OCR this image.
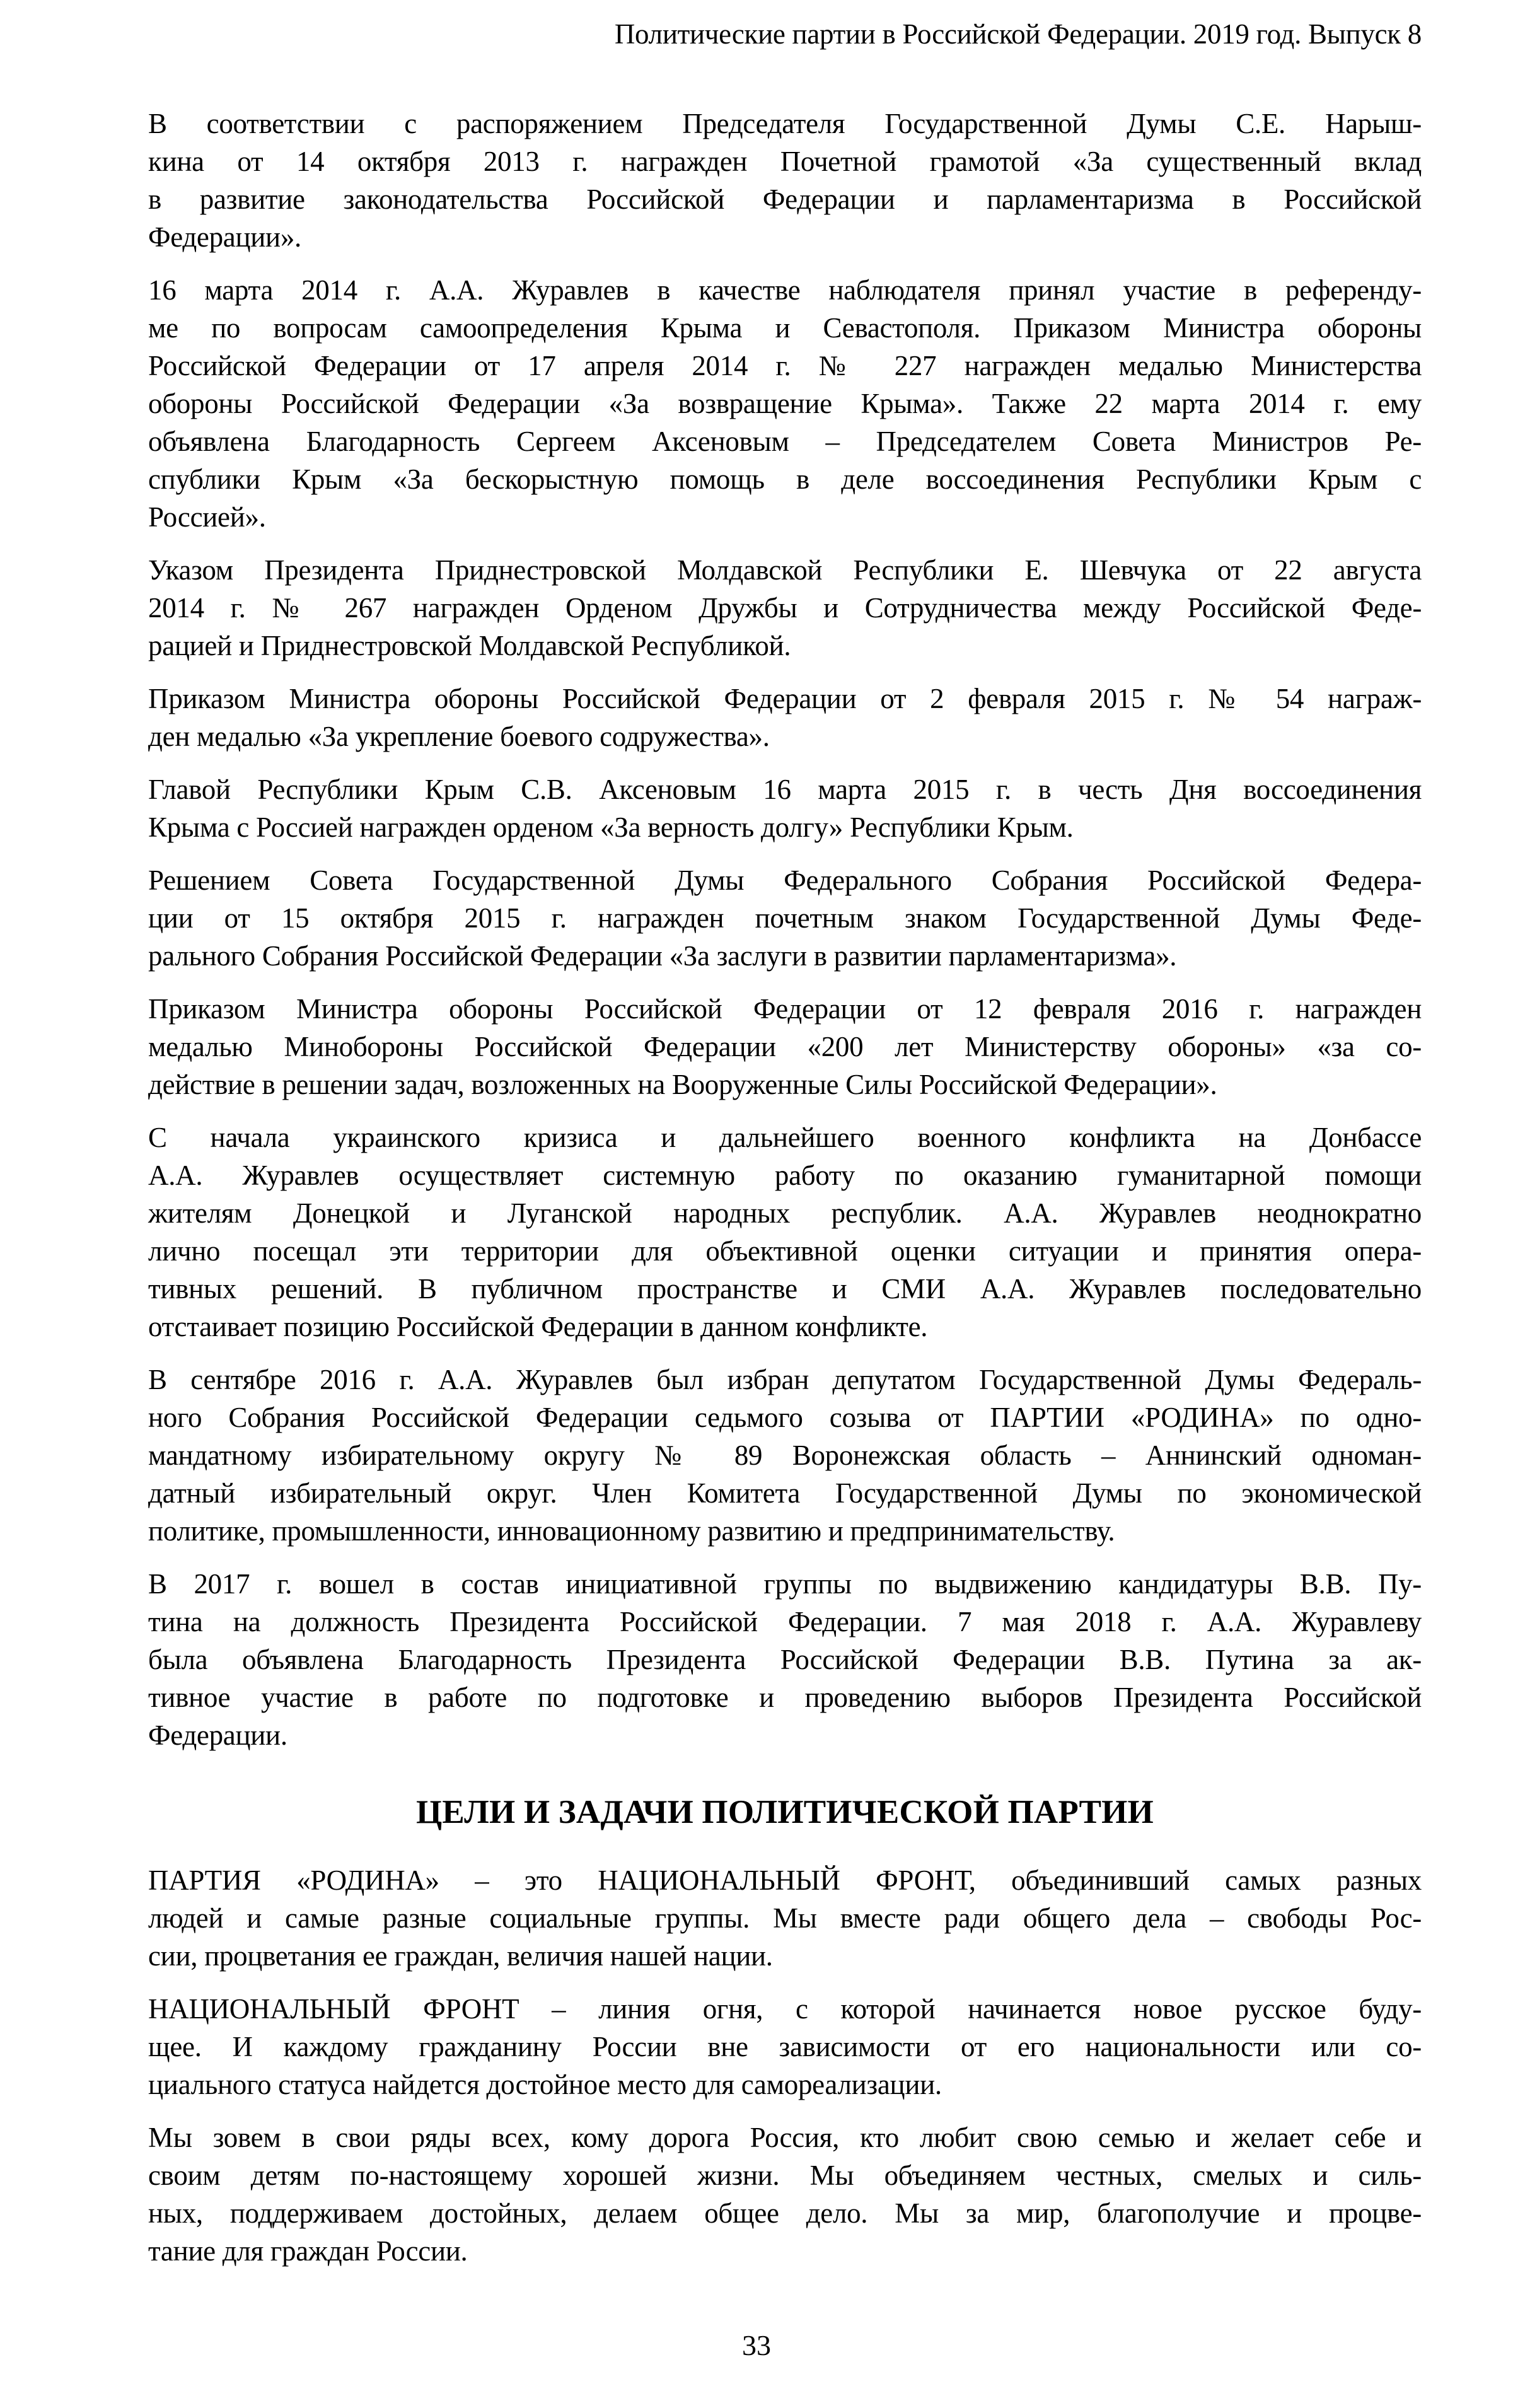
Политические партии в Российской Федерации. 2019 год. Выпуск 8
В соответствии с распоряжением Председателя Государственной Думы С.Е. Нарыш-
кина от 14 октября 2013 г. награжден Почетной грамотой «За существенный вклад
в развитие законодательства Российской Федерации и парламентаризма в Российской
Федерации».
16 марта 2014 г. А.А. Журавлев в качестве наблюдателя принял участие в референду-
ме по вопросам самоопределения Крыма и Севастополя. Приказом Министра обороны
Российской Федерации от 17 апреля 2014 г. № 227 награжден медалью Министерства
обороны Российской Федерации «За возвращение Крыма». Также 22 марта 2014 г. ему
объявлена Благодарность Сергеем Аксеновым – Председателем Совета Министров Ре-
спублики Крым «За бескорыстную помощь в деле воссоединения Республики Крым с
Россией».
Указом Президента Приднестровской Молдавской Республики Е. Шевчука от 22 августа
2014 г. № 267 награжден Орденом Дружбы и Сотрудничества между Российской Феде-
рацией и Приднестровской Молдавской Республикой.
Приказом Министра обороны Российской Федерации от 2 февраля 2015 г. № 54 награж-
ден медалью «За укрепление боевого содружества».
Главой Республики Крым С.В. Аксеновым 16 марта 2015 г. в честь Дня воссоединения
Крыма с Россией награжден орденом «За верность долгу» Республики Крым.
Решением Совета Государственной Думы Федерального Собрания Российской Федера-
ции от 15 октября 2015 г. награжден почетным знаком Государственной Думы Феде-
рального Собрания Российской Федерации «За заслуги в развитии парламентаризма».
Приказом Министра обороны Российской Федерации от 12 февраля 2016 г. награжден
медалью Минобороны Российской Федерации «200 лет Министерству обороны» «за со-
действие в решении задач, возложенных на Вооруженные Силы Российской Федерации».
С начала украинского кризиса и дальнейшего военного конфликта на Донбассе
А.А. Журавлев осуществляет системную работу по оказанию гуманитарной помощи
жителям Донецкой и Луганской народных республик. А.А. Журавлев неоднократно
лично посещал эти территории для объективной оценки ситуации и принятия опера-
тивных решений. В публичном пространстве и СМИ А.А. Журавлев последовательно
отстаивает позицию Российской Федерации в данном конфликте.
В сентябре 2016 г. А.А. Журавлев был избран депутатом Государственной Думы Федераль-
ного Собрания Российской Федерации седьмого созыва от ПАРТИИ «РОДИНА» по одно-
мандатному избирательному округу № 89 Воронежская область – Аннинский одноман-
датный избирательный округ. Член Комитета Государственной Думы по экономической
политике, промышленности, инновационному развитию и предпринимательству.
В 2017 г. вошел в состав инициативной группы по выдвижению кандидатуры В.В. Пу-
тина на должность Президента Российской Федерации. 7 мая 2018 г. А.А. Журавлеву
была объявлена Благодарность Президента Российской Федерации В.В. Путина за ак-
тивное участие в работе по подготовке и проведению выборов Президента Российской
Федерации.
ЦЕЛИ И ЗАДАЧИ ПОЛИТИЧЕСКОЙ ПАРТИИ
ПАРТИЯ «РОДИНА» – это НАЦИОНАЛЬНЫЙ ФРОНТ, объединивший самых разных
людей и самые разные социальные группы. Мы вместе ради общего дела – свободы Рос-
сии, процветания ее граждан, величия нашей нации.
НАЦИОНАЛЬНЫЙ ФРОНТ – линия огня, с которой начинается новое русское буду-
щее. И каждому гражданину России вне зависимости от его национальности или со-
циального статуса найдется достойное место для самореализации.
Мы зовем в свои ряды всех, кому дорога Россия, кто любит свою семью и желает себе и
своим детям по-настоящему хорошей жизни. Мы объединяем честных, смелых и силь-
ных, поддерживаем достойных, делаем общее дело. Мы за мир, благополучие и процве-
тание для граждан России.
33
